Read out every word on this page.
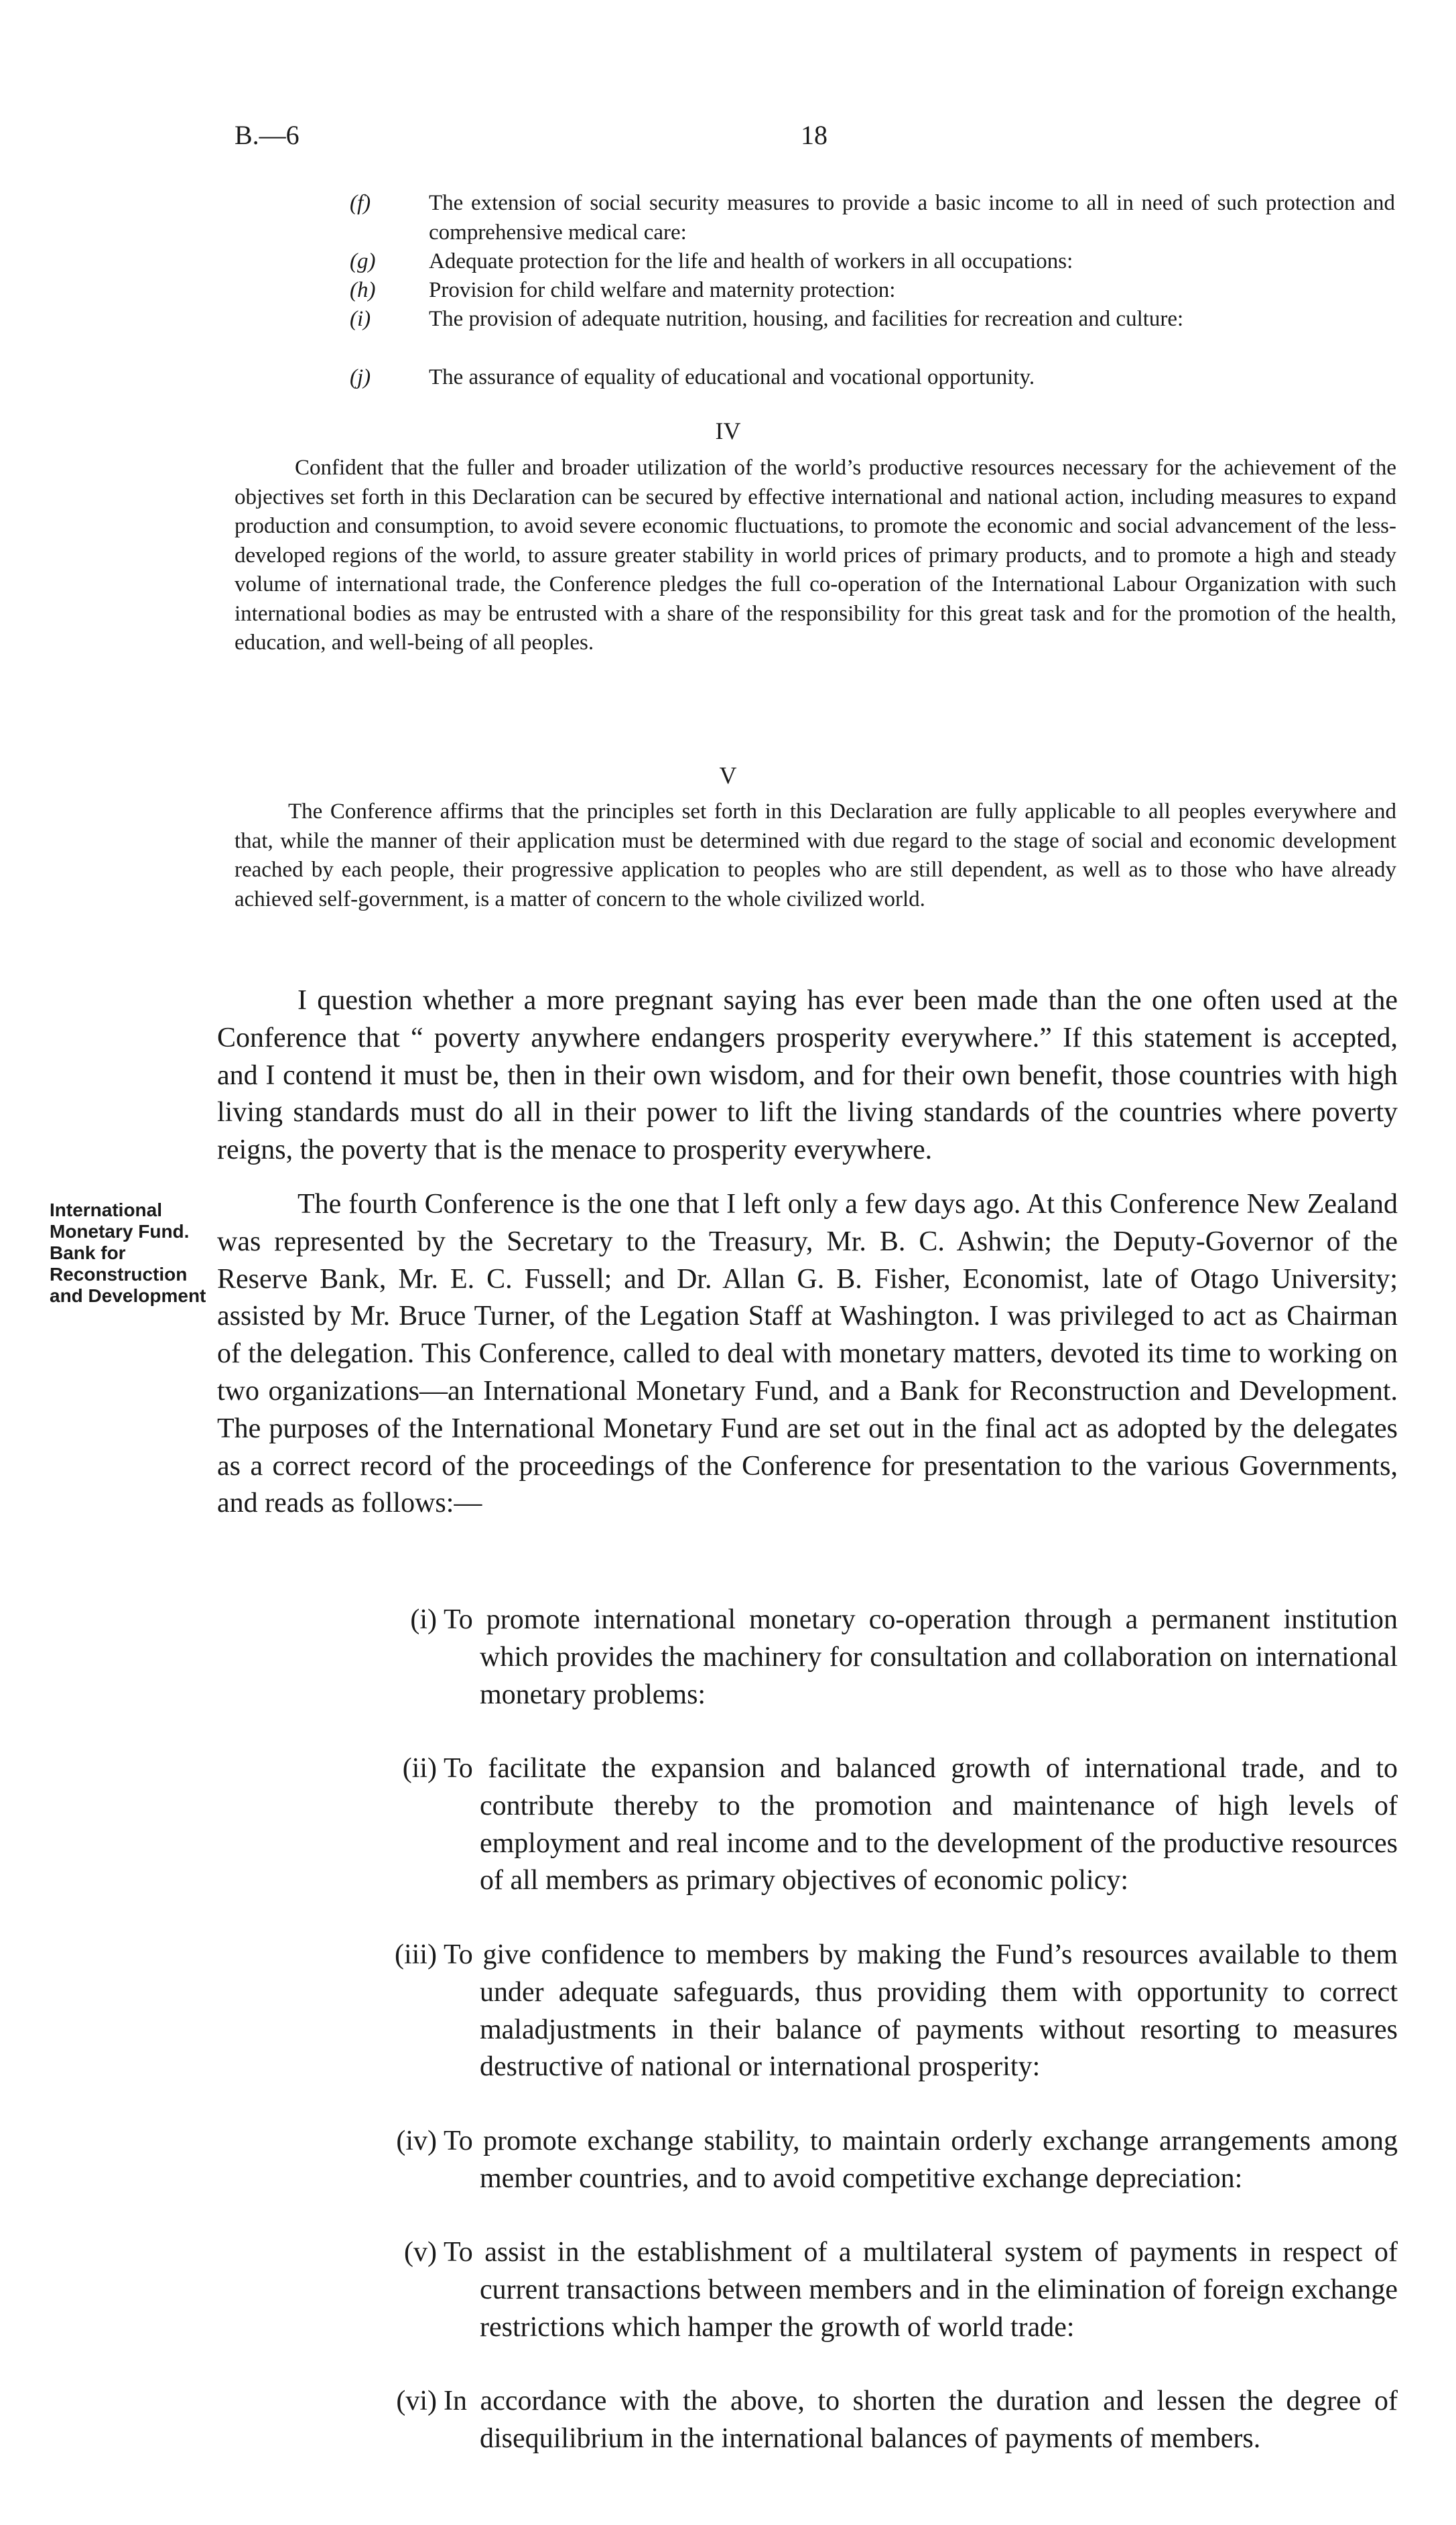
B.—6	18
(f)	The extension of social security measures to provide a basic income to all in need of such protection and comprehensive medical care:
(g)	Adequate protection for the life and health of workers in all occupations:
(h)	Provision for child welfare and maternity protection:
(i)	The provision of adequate nutrition, housing, and facilities for recreation and culture:
(j)	The assurance of equality of educational and vocational opportunity.
IV
Confident that the fuller and broader utilization of the world’s productive resources necessary for the achievement of the objectives set forth in this Declaration can be secured by effective international and national action, including measures to expand production and consumption, to avoid severe economic fluctuations, to promote the economic and social advancement of the less-developed regions of the world, to assure greater stability in world prices of primary products, and to promote a high and steady volume of international trade, the Conference pledges the full co-operation of the International Labour Organization with such international bodies as may be entrusted with a share of the responsibility for this great task and for the promotion of the health, education, and well-being of all peoples.
V
The Conference affirms that the principles set forth in this Declaration are fully applicable to all peoples everywhere and that, while the manner of their application must be determined with due regard to the stage of social and economic development reached by each people, their progressive application to peoples who are still dependent, as well as to those who have already achieved self-government, is a matter of concern to the whole civilized world.
I question whether a more pregnant saying has ever been made than the one often used at the Conference that “ poverty anywhere endangers prosperity everywhere.” If this statement is accepted, and I contend it must be, then in their own wisdom, and for their own benefit, those countries with high living standards must do all in their power to lift the living standards of the countries where poverty reigns, the poverty that is the menace to prosperity everywhere.
International Monetary Fund. Bank for Reconstruction and Development
The fourth Conference is the one that I left only a few days ago. At this Conference New Zealand was represented by the Secretary to the Treasury, Mr. B. C. Ashwin; the Deputy-Governor of the Reserve Bank, Mr. E. C. Fussell; and Dr. Allan G. B. Fisher, Economist, late of Otago University; assisted by Mr. Bruce Turner, of the Legation Staff at Washington. I was privileged to act as Chairman of the delegation. This Conference, called to deal with monetary matters, devoted its time to working on two organizations—an International Monetary Fund, and a Bank for Reconstruction and Development. The purposes of the International Monetary Fund are set out in the final act as adopted by the delegates as a correct record of the proceedings of the Conference for presentation to the various Governments, and reads as follows:—
(i) To promote international monetary co-operation through a permanent institution which provides the machinery for consultation and collaboration on international monetary problems:
(ii) To facilitate the expansion and balanced growth of international trade, and to contribute thereby to the promotion and maintenance of high levels of employment and real income and to the development of the productive resources of all members as primary objectives of economic policy:
(iii) To give confidence to members by making the Fund’s resources available to them under adequate safeguards, thus providing them with opportunity to correct maladjustments in their balance of payments without resorting to measures destructive of national or international prosperity:
(iv) To promote exchange stability, to maintain orderly exchange arrangements among member countries, and to avoid competitive exchange depreciation:
(v) To assist in the establishment of a multilateral system of payments in respect of current transactions between members and in the elimination of foreign exchange restrictions which hamper the growth of world trade:
(vi) In accordance with the above, to shorten the duration and lessen the degree of disequilibrium in the international balances of payments of members.
